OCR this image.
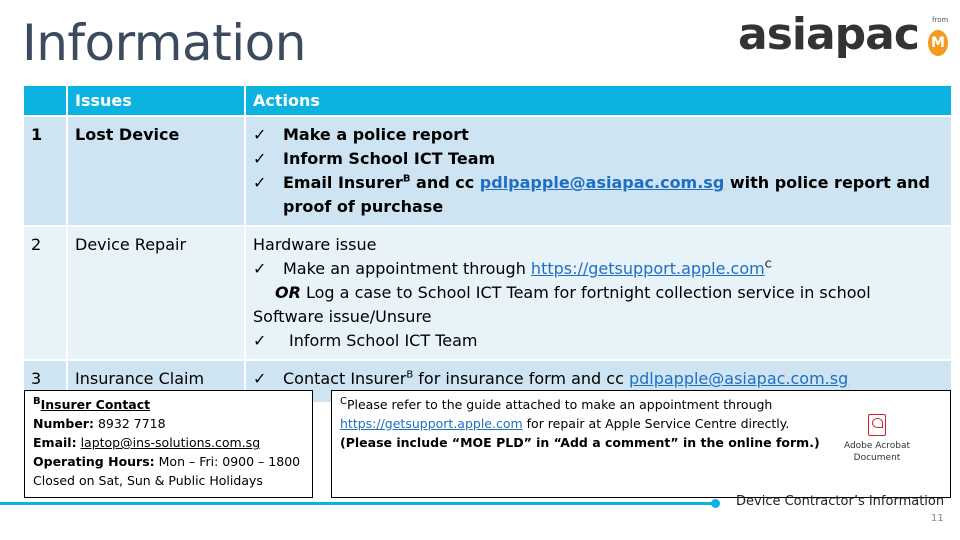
Information	asiapac from
M
	Issues	Actions
1	Lost Device	✓ Make a police report
✓ Inform School ICT Team
✓ Email Insurer$^B$ and cc pdlpapple@asiapac.com.sg with police report and proof of purchase

2	Device Repair	Hardware issue
✓ Make an appointment through https://getsupport.apple.com$^C$
OR Log a case to School ICT Team for fortnight collection service in school
Software issue/Unsure
✓ Inform School ICT Team

3	Insurance Claim	✓ Contact Insurer$^B$ for insurance form and cc pdlpapple@asiapac.com.sg
$^B$Insurer Contact
Number: 8932 7718
Email: laptop@ins-solutions.com.sg
Operating Hours: Mon – Fri: 0900 – 1800
Closed on Sat, Sun & Public Holidays
$^C$Please refer to the guide attached to make an appointment through
https://getsupport.apple.com for repair at Apple Service Centre directly.
(Please include “MOE PLD” in “Add a comment” in the online form.)	Adobe Acrobat
Document
Device Contractor’s Information
11
